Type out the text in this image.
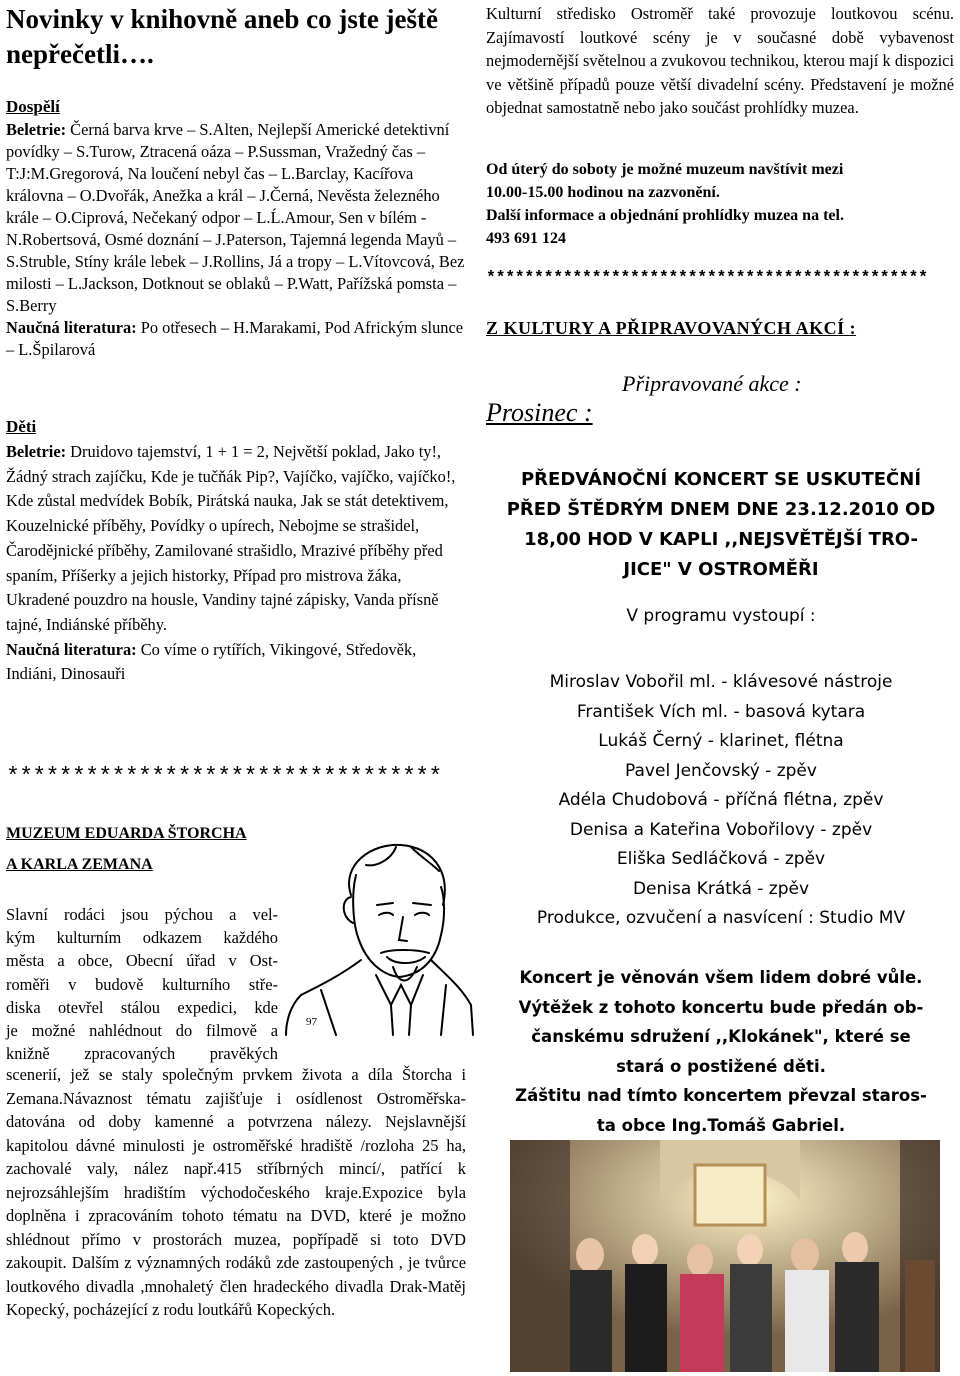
Novinky v knihovně aneb co jste ještě
nepřečetli….
Dospělí

Beletrie: Černá barva krve – S.Alten, Nejlepší Americké detektivní povídky – S.Turow, Ztracená oáza – P.Sussman, Vražedný čas – T:J:M.Gregorová, Na loučení nebyl čas – L.Barclay, Kacířova královna – O.Dvořák, Anežka a král – J.Černá, Nevěsta železného krále – O.Ciprová, Nečekaný odpor – L.Ĺ.Amour, Sen v bílém - N.Robertsová, Osmé doznání – J.Paterson, Tajemná legenda Mayů – S.Struble, Stíny krále lebek – J.Rollins, Já a tropy – L.Vítovcová, Bez milosti – L.Jackson, Dotknout se oblaků – P.Watt, Pařížská pomsta – S.Berry
Naučná literatura: Po otřesech – H.Marakami, Pod Africkým slunce – L.Špilarová

Děti

Beletrie: Druidovo tajemství, 1 + 1 = 2, Největší poklad, Jako ty!, Žádný strach zajíčku, Kde je tučňák Pip?, Vajíčko, vajíčko, vajíčko!, Kde zůstal medvídek Bobík, Pirátská nauka, Jak se stát detektivem, Kouzelnické příběhy, Povídky o upírech, Nebojme se strašidel, Čarodějnické příběhy, Zamilované strašidlo, Mrazivé příběhy před spaním, Příšerky a jejich historky, Případ pro mistrova žáka, Ukradené pouzdro na housle, Vandiny tajné zápisky, Vanda přísně tajné, Indiánské příběhy.
Naučná literatura: Co víme o rytířích, Vikingové, Středověk, Indiáni, Dinosauři

*********************************
MUZEUM EDUARDA ŠTORCHA
A KARLA ZEMANA
97
Slavní rodáci jsou pýchou a vel-
kým kulturním odkazem každého
města a obce, Obecní úřad v Ost-
roměři v budově kulturního stře-
diska otevřel stálou expedici, kde
je možné nahlédnout do filmově a
knižně zpracovaných pravěkých

scenerií, jež se staly společným prvkem života a díla Štorcha i Zemana.Návaznost tématu zajišťuje i osídlenost Ostroměřska-datována od doby kamenné a potvrzena nálezy. Nejslavnější kapitolou dávné minulosti je ostroměřské hradiště /rozloha 25 ha, zachovalé valy, nález např.415 stříbrných mincí/, patřící k nejrozsáhlejším hradištím východočeského kraje.Expozice byla doplněna i zpracováním tohoto tématu na DVD, které je možno shlédnout přímo v prostorách muzea, popřípadě si toto DVD zakoupit. Dalším z významných rodáků zde zastoupených , je tvůrce loutkového divadla ,mnohaletý člen hradeckého divadla Drak-Matěj Kopecký, pocházející z rodu loutkářů Kopeckých.

Kulturní středisko Ostroměř také provozuje loutkovou scénu. Zajímavostí loutkové scény je v současné době vybavenost nejmodernější světelnou a zvukovou technikou, kterou mají k dispozici ve většině případů pouze větší divadelní scény. Představení je možné objednat samostatně nebo jako součást prohlídky muzea.

Od úterý do soboty je možné muzeum navštívit mezi
10.00-15.00 hodinou na zazvonění.
Další informace a objednání prohlídky muzea na tel.
493 691 124
**********************************************
Z KULTURY A PŘIPRAVOVANÝCH AKCÍ :
Připravované akce :
Prosinec :
PŘEDVÁNOČNÍ KONCERT SE USKUTEČNÍ
PŘED ŠTĚDRÝM DNEM DNE 23.12.2010 OD
18,00 HOD V KAPLI ,,NEJSVĚTĚJŠÍ TRO-
JICE" V OSTROMĚŘI
V programu vystoupí :
Miroslav Vobořil ml. - klávesové nástroje
František Vích ml. - basová kytara
Lukáš Černý - klarinet, flétna
Pavel Jenčovský - zpěv
Adéla Chudobová - příčná flétna, zpěv
Denisa a Kateřina Vobořilovy - zpěv
Eliška Sedláčková - zpěv
Denisa Krátká - zpěv
Produkce, ozvučení a nasvícení : Studio MV
Koncert je věnován všem lidem dobré vůle.
Výtěžek z tohoto koncertu bude předán ob-
čanskému sdružení ,,Klokánek", které se
stará o postižené děti.
Záštitu nad tímto koncertem převzal staros-
ta obce Ing.Tomáš Gabriel.
